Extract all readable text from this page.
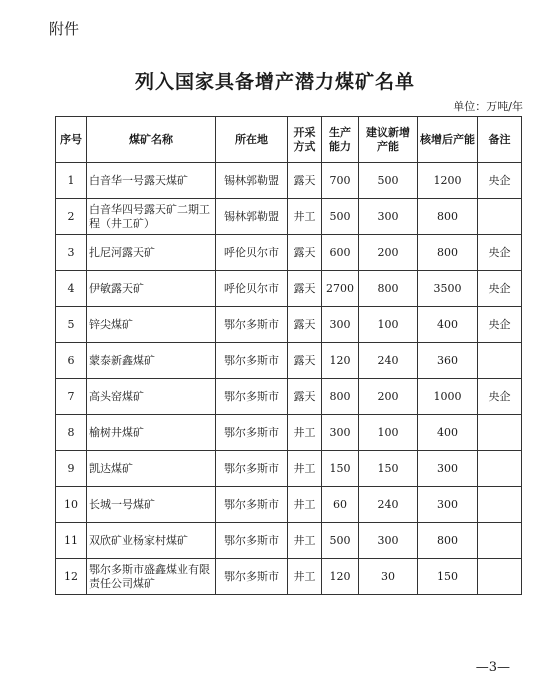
附件
列入国家具备增产潜力煤矿名单
单位：万吨/年
序号	煤矿名称	所在地	开采方式	生产能力	建议新增产能	核增后产能	备注
1	白音华一号露天煤矿	锡林郭勒盟	露天	700	500	1200	央企
2	白音华四号露天矿二期工程（井工矿）	锡林郭勒盟	井工	500	300	800	
3	扎尼河露天矿	呼伦贝尔市	露天	600	200	800	央企
4	伊敏露天矿	呼伦贝尔市	露天	2700	800	3500	央企
5	锌尖煤矿	鄂尔多斯市	露天	300	100	400	央企
6	蒙泰新鑫煤矿	鄂尔多斯市	露天	120	240	360	
7	高头窑煤矿	鄂尔多斯市	露天	800	200	1000	央企
8	榆树井煤矿	鄂尔多斯市	井工	300	100	400	
9	凯达煤矿	鄂尔多斯市	井工	150	150	300	
10	长城一号煤矿	鄂尔多斯市	井工	60	240	300	
11	双欣矿业杨家村煤矿	鄂尔多斯市	井工	500	300	800	
12	鄂尔多斯市盛鑫煤业有限责任公司煤矿	鄂尔多斯市	井工	120	30	150	
—3—
